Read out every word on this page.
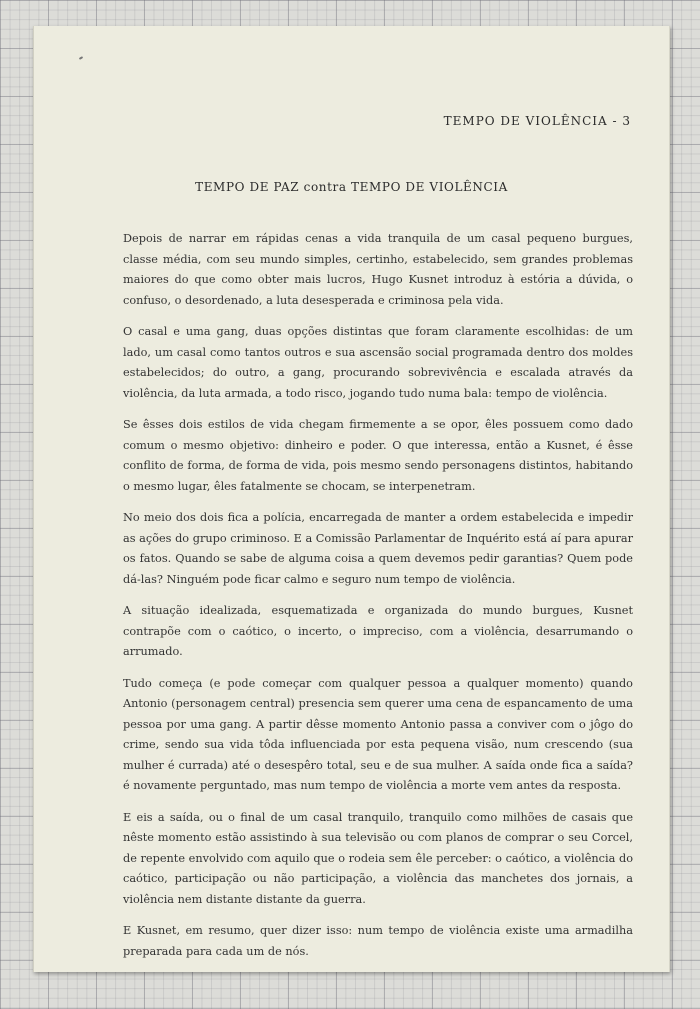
TEMPO DE VIOLÊNCIA - 3
TEMPO DE PAZ contra TEMPO DE VIOLÊNCIA

Depois de narrar em rápidas cenas a vida tranquila de um casal pequeno burgues, classe média, com seu mundo simples, certinho, estabelecido, sem grandes problemas maiores do que como obter mais lucros, Hugo Kusnet introduz à estória a dúvida, o confuso, o desordenado, a luta desesperada e criminosa pela vida.

O casal e uma gang, duas opções distintas que foram claramente escolhidas: de um lado, um casal como tantos outros e sua ascensão social programada dentro dos moldes estabelecidos; do outro, a gang, procurando sobrevivência e escalada através da violência, da luta armada, a todo risco, jogando tudo numa bala: tempo de violência.

Se êsses dois estilos de vida chegam firmemente a se opor, êles possuem como dado comum o mesmo objetivo: dinheiro e poder. O que interessa, então a Kusnet, é êsse conflito de forma, de forma de vida, pois mesmo sendo personagens distintos, habitando o mesmo lugar, êles fatalmente se chocam, se interpenetram.

No meio dos dois fica a polícia, encarregada de manter a ordem estabelecida e impedir as ações do grupo criminoso. E a Comissão Parlamentar de Inquérito está aí para apurar os fatos. Quando se sabe de alguma coisa a quem devemos pedir garantias? Quem pode dá-las? Ninguém pode ficar calmo e seguro num tempo de violência.

A situação idealizada, esquematizada e organizada do mundo burgues, Kusnet contrapõe com o caótico, o incerto, o impreciso, com a violência, desarrumando o arrumado.

Tudo começa (e pode começar com qualquer pessoa a qualquer momento) quando Antonio (personagem central) presencia sem querer uma cena de espancamento de uma pessoa por uma gang. A partir dêsse momento Antonio passa a conviver com o jôgo do crime, sendo sua vida tôda influenciada por esta pequena visão, num crescendo (sua mulher é currada) até o desespêro total, seu e de sua mulher. A saída onde fica a saída? é novamente perguntado, mas num tempo de violência a morte vem antes da resposta.

E eis a saída, ou o final de um casal tranquilo, tranquilo como milhões de casais que nêste momento estão assistindo à sua televisão ou com planos de comprar o seu Corcel, de repente envolvido com aquilo que o rodeia sem êle perceber: o caótico, a violência do caótico, participação ou não participação, a violência das manchetes dos jornais, a violência nem distante distante da guerra.

E Kusnet, em resumo, quer dizer isso: num tempo de violência existe uma armadilha preparada para cada um de nós.
